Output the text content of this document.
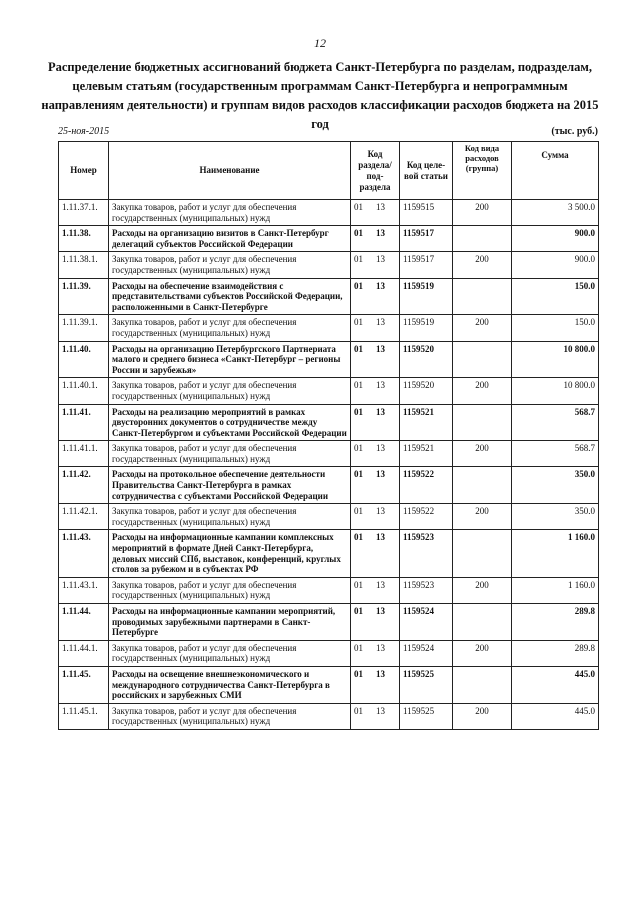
12
Распределение бюджетных ассигнований бюджета Санкт-Петербурга по разделам, подразделам, целевым статьям (государственным программам Санкт-Петербурга и непрограммным направлениям деятельности) и группам видов расходов классификации расходов бюджета на 2015 год
25-ноя-2015	(тыс. руб.)
Номер	Наименование	Код раздела/ под-раздела	Код целе-вой статьи	Код вида расходов (группа)	Сумма
1.11.37.1.	Закупка товаров, работ и услуг для обеспечения государственных (муниципальных) нужд	01 13	1159515	200	3 500.0
1.11.38.	Расходы на организацию визитов в Санкт-Петербург делегаций субъектов Российской Федерации	01 13	1159517		900.0
1.11.38.1.	Закупка товаров, работ и услуг для обеспечения государственных (муниципальных) нужд	01 13	1159517	200	900.0
1.11.39.	Расходы на обеспечение взаимодействия с представительствами субъектов Российской Федерации, расположенными в Санкт-Петербурге	01 13	1159519		150.0
1.11.39.1.	Закупка товаров, работ и услуг для обеспечения государственных (муниципальных) нужд	01 13	1159519	200	150.0
1.11.40.	Расходы на организацию Петербургского Партнериата малого и среднего бизнеса «Санкт-Петербург – регионы России и зарубежья»	01 13	1159520		10 800.0
1.11.40.1.	Закупка товаров, работ и услуг для обеспечения государственных (муниципальных) нужд	01 13	1159520	200	10 800.0
1.11.41.	Расходы на реализацию мероприятий в рамках двусторонних документов о сотрудничестве между Санкт-Петербургом и субъектами Российской Федерации	01 13	1159521		568.7
1.11.41.1.	Закупка товаров, работ и услуг для обеспечения государственных (муниципальных) нужд	01 13	1159521	200	568.7
1.11.42.	Расходы на протокольное обеспечение деятельности Правительства Санкт-Петербурга в рамках сотрудничества с субъектами Российской Федерации	01 13	1159522		350.0
1.11.42.1.	Закупка товаров, работ и услуг для обеспечения государственных (муниципальных) нужд	01 13	1159522	200	350.0
1.11.43.	Расходы на информационные кампании комплексных мероприятий в формате Дней Санкт-Петербурга, деловых миссий СПб, выставок, конференций, круглых столов за рубежом и в субъектах РФ	01 13	1159523		1 160.0
1.11.43.1.	Закупка товаров, работ и услуг для обеспечения государственных (муниципальных) нужд	01 13	1159523	200	1 160.0
1.11.44.	Расходы на информационные кампании мероприятий, проводимых зарубежными партнерами в Санкт-Петербурге	01 13	1159524		289.8
1.11.44.1.	Закупка товаров, работ и услуг для обеспечения государственных (муниципальных) нужд	01 13	1159524	200	289.8
1.11.45.	Расходы на освещение внешнеэкономического и международного сотрудничества Санкт-Петербурга в российских и зарубежных СМИ	01 13	1159525		445.0
1.11.45.1.	Закупка товаров, работ и услуг для обеспечения государственных (муниципальных) нужд	01 13	1159525	200	445.0
